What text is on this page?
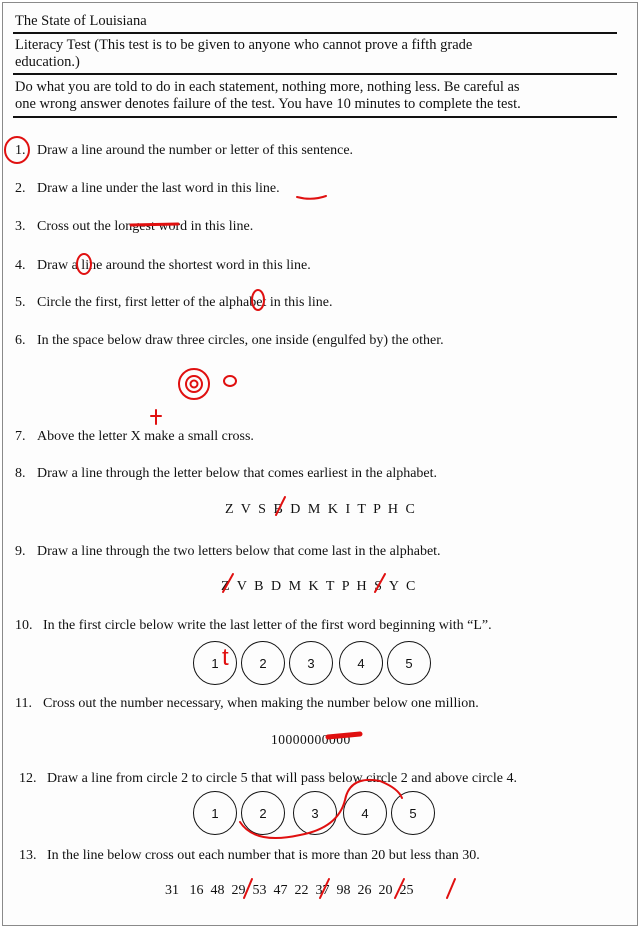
The State of Louisiana
Literacy Test (This test is to be given to anyone who cannot prove a fifth grade
education.)
Do what you are told to do in each statement, nothing more, nothing less. Be careful as
one wrong answer denotes failure of the test. You have 10 minutes to complete the test.
1. Draw a line around the number or letter of this sentence.
2. Draw a line under the last word in this line.
3. Cross out the longest word in this line.
4. Draw a line around the shortest word in this line.
5. Circle the first, first letter of the alphabet in this line.
6. In the space below draw three circles, one inside (engulfed by) the other.
7. Above the letter X make a small cross.
8. Draw a line through the letter below that comes earliest in the alphabet.
Z V S B D M K I T P H C
9. Draw a line through the two letters below that come last in the alphabet.
Z V B D M K T P H S Y C
10. In the first circle below write the last letter of the first word beginning with “L”.
1	2	3	4	5
11. Cross out the number necessary, when making the number below one million.
10000000000
12. Draw a line from circle 2 to circle 5 that will pass below circle 2 and above circle 4.
1	2	3	4	5
13. In the line below cross out each number that is more than 20 but less than 30.
31   16  48  29  53  47  22  37  98  26  20  25
t
